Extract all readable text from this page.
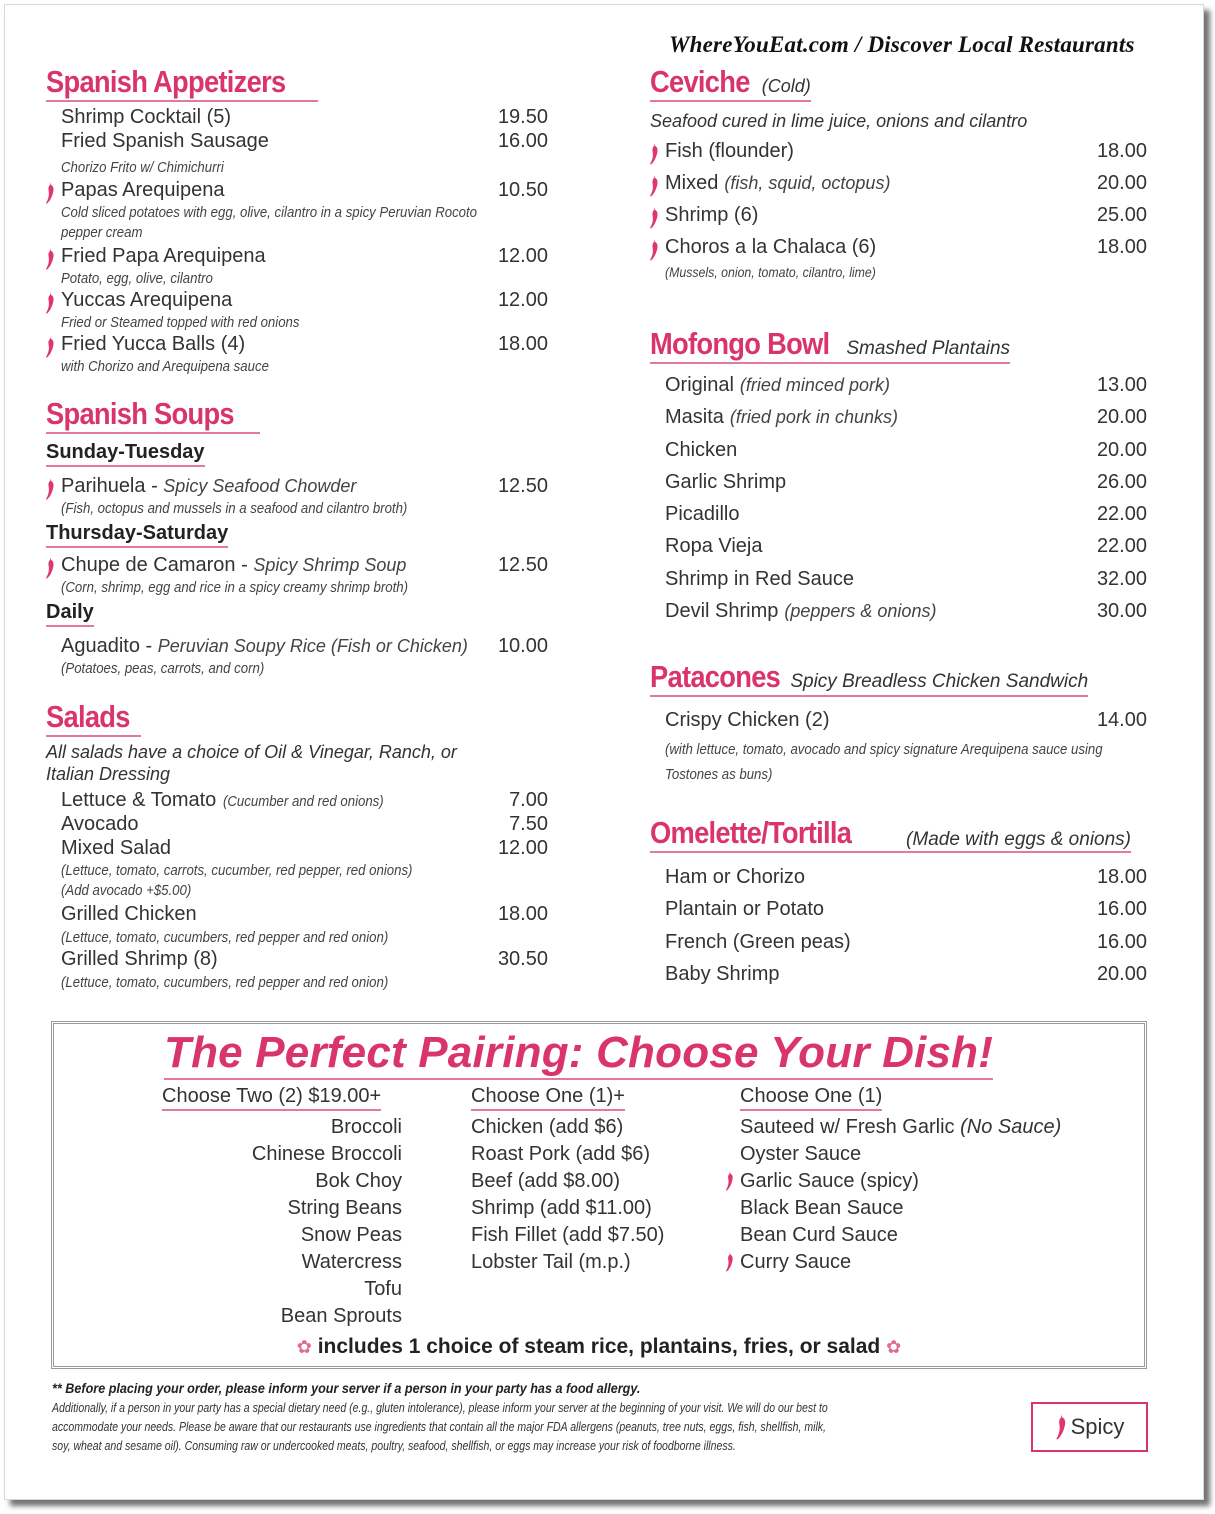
WhereYouEat.com / Discover Local Restaurants
Spanish Appetizers
Shrimp Cocktail (5)	19.50
Fried Spanish Sausage	16.00
Chorizo Frito w/ Chimichurri
Papas Arequipena	10.50
Cold sliced potatoes with egg, olive, cilantro in a spicy Peruvian Rocoto
pepper cream
Fried Papa Arequipena	12.00
Potato, egg, olive, cilantro
Yuccas Arequipena	12.00
Fried or Steamed topped with red onions
Fried Yucca Balls (4)	18.00
with Chorizo and Arequipena sauce
Spanish Soups
Sunday-Tuesday
Parihuela - Spicy Seafood Chowder	12.50
(Fish, octopus and mussels in a seafood and cilantro broth)
Thursday-Saturday
Chupe de Camaron - Spicy Shrimp Soup	12.50
(Corn, shrimp, egg and rice in a spicy creamy shrimp broth)
Daily
Aguadito - Peruvian Soupy Rice (Fish or Chicken) 10.00
(Potatoes, peas, carrots, and corn)
Salads
All salads have a choice of Oil & Vinegar, Ranch, or
Italian Dressing
Lettuce & Tomato (Cucumber and red onions)	7.00
Avocado	7.50
Mixed Salad	12.00
(Lettuce, tomato, carrots, cucumber, red pepper, red onions)
(Add avocado +$5.00)
Grilled Chicken	18.00
(Lettuce, tomato, cucumbers, red pepper and red onion)
Grilled Shrimp (8)	30.50
(Lettuce, tomato, cucumbers, red pepper and red onion)
Ceviche (Cold)
Seafood cured in lime juice, onions and cilantro
Fish (flounder)	18.00
Mixed (fish, squid, octopus)	20.00
Shrimp (6)	25.00
Choros a la Chalaca (6)	18.00
(Mussels, onion, tomato, cilantro, lime)
Mofongo Bowl Smashed Plantains
Original (fried minced pork)	13.00
Masita (fried pork in chunks)	20.00
Chicken	20.00
Garlic Shrimp	26.00
Picadillo	22.00
Ropa Vieja	22.00
Shrimp in Red Sauce	32.00
Devil Shrimp (peppers & onions)	30.00
Patacones Spicy Breadless Chicken Sandwich
Crispy Chicken (2)	14.00
(with lettuce, tomato, avocado and spicy signature Arequipena sauce using
Tostones as buns)
Omelette/Tortilla	(Made with eggs & onions)
Ham or Chorizo	18.00
Plantain or Potato	16.00
French (Green peas)	16.00
Baby Shrimp	20.00
The Perfect Pairing: Choose Your Dish!
Choose Two (2) $19.00+
Broccoli
Chinese Broccoli
Bok Choy
String Beans
Snow Peas
Watercress
Tofu
Bean Sprouts
Choose One (1)+
Chicken (add $6)
Roast Pork (add $6)
Beef (add $8.00)
Shrimp (add $11.00)
Fish Fillet (add $7.50)
Lobster Tail (m.p.)
Choose One (1)
Sauteed w/ Fresh Garlic (No Sauce)
Oyster Sauce
Garlic Sauce (spicy)
Black Bean Sauce
Bean Curd Sauce
Curry Sauce
✿ includes 1 choice of steam rice, plantains, fries, or salad ✿
** Before placing your order, please inform your server if a person in your party has a food allergy.
Additionally, if a person in your party has a special dietary need (e.g., gluten intolerance), please inform your server at the beginning of your visit. We will do our best to
accommodate your needs. Please be aware that our restaurants use ingredients that contain all the major FDA allergens (peanuts, tree nuts, eggs, fish, shellfish, milk,
soy, wheat and sesame oil). Consuming raw or undercooked meats, poultry, seafood, shellfish, or eggs may increase your risk of foodborne illness.
Spicy
